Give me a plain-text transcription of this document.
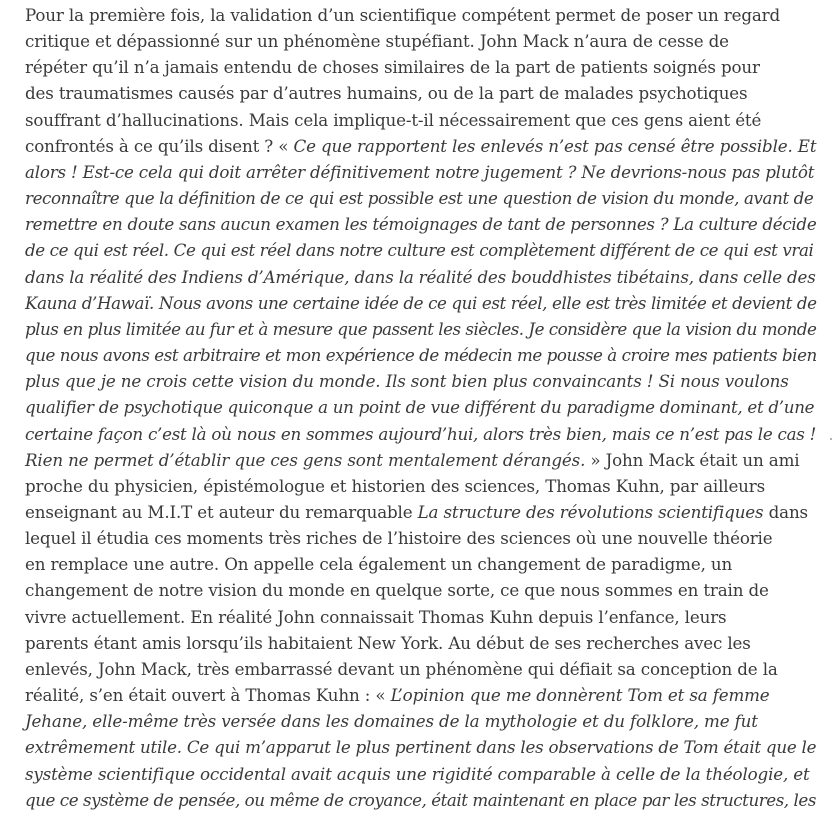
Pour la première fois, la validation d’un scientifique compétent permet de poser un regard

critique et dépassionné sur un phénomène stupéfiant. John Mack n’aura de cesse de

répéter qu’il n’a jamais entendu de choses similaires de la part de patients soignés pour

des traumatismes causés par d’autres humains, ou de la part de malades psychotiques

souffrant d’hallucinations. Mais cela implique-t-il nécessairement que ces gens aient été

confrontés à ce qu’ils disent ? « Ce que rapportent les enlevés n’est pas censé être possible. Et

alors ! Est-ce cela qui doit arrêter définitivement notre jugement ? Ne devrions-nous pas plutôt

reconnaître que la définition de ce qui est possible est une question de vision du monde, avant de

remettre en doute sans aucun examen les témoignages de tant de personnes ? La culture décide

de ce qui est réel. Ce qui est réel dans notre culture est complètement différent de ce qui est vrai

dans la réalité des Indiens d’Amérique, dans la réalité des bouddhistes tibétains, dans celle des

Kauna d’Hawaï. Nous avons une certaine idée de ce qui est réel, elle est très limitée et devient de

plus en plus limitée au fur et à mesure que passent les siècles. Je considère que la vision du monde

que nous avons est arbitraire et mon expérience de médecin me pousse à croire mes patients bien

plus que je ne crois cette vision du monde. Ils sont bien plus convaincants ! Si nous voulons

qualifier de psychotique quiconque a un point de vue différent du paradigme dominant, et d’une

certaine façon c’est là où nous en sommes aujourd’hui, alors très bien, mais ce n’est pas le cas !

Rien ne permet d’établir que ces gens sont mentalement dérangés. » John Mack était un ami

proche du physicien, épistémologue et historien des sciences, Thomas Kuhn, par ailleurs

enseignant au M.I.T et auteur du remarquable La structure des révolutions scientifiques dans

lequel il étudia ces moments très riches de l’histoire des sciences où une nouvelle théorie

en remplace une autre. On appelle cela également un changement de paradigme, un

changement de notre vision du monde en quelque sorte, ce que nous sommes en train de

vivre actuellement. En réalité John connaissait Thomas Kuhn depuis l’enfance, leurs

parents étant amis lorsqu’ils habitaient New York. Au début de ses recherches avec les

enlevés, John Mack, très embarrassé devant un phénomène qui défiait sa conception de la

réalité, s’en était ouvert à Thomas Kuhn : « L’opinion que me donnèrent Tom et sa femme

Jehane, elle-même très versée dans les domaines de la mythologie et du folklore, me fut

extrêmement utile. Ce qui m’apparut le plus pertinent dans les observations de Tom était que le

système scientifique occidental avait acquis une rigidité comparable à celle de la théologie, et

que ce système de pensée, ou même de croyance, était maintenant en place par les structures, les
